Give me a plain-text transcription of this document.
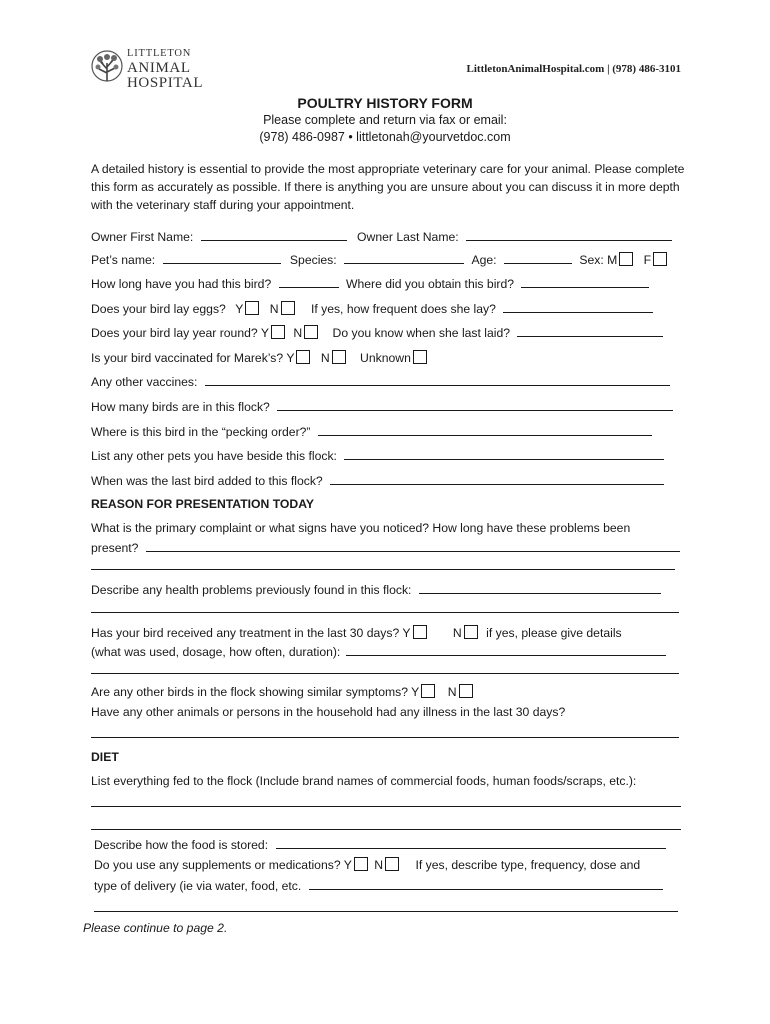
LITTLETON
ANIMAL
HOSPITAL
LittletonAnimalHospital.com | (978) 486-3101
POULTRY HISTORY FORM
Please complete and return via fax or email:
(978) 486-0987 • littletonah@yourvetdoc.com
A detailed history is essential to provide the most appropriate veterinary care for your animal. Please complete this form as accurately as possible. If there is anything you are unsure about you can discuss it in more depth with the veterinary staff during your appointment.
Owner First Name:	Owner Last Name:
Pet’s name:	Species:	Age:	Sex: M F
How long have you had this bird?	Where did you obtain this bird?
Does your bird lay eggs? Y N	If yes, how frequent does she lay?
Does your bird lay year round? Y N Do you know when she last laid?
Is your bird vaccinated for Marek’s? Y N Unknown
Any other vaccines:
How many birds are in this flock?
Where is this bird in the “pecking order?”
List any other pets you have beside this flock:
When was the last bird added to this flock?
REASON FOR PRESENTATION TODAY
What is the primary complaint or what signs have you noticed? How long have these problems been
present?
Describe any health problems previously found in this flock:
Has your bird received any treatment in the last 30 days? Y	N if yes, please give details
(what was used, dosage, how often, duration):
Are any other birds in the flock showing similar symptoms? Y N
Have any other animals or persons in the household had any illness in the last 30 days?
DIET
List everything fed to the flock (Include brand names of commercial foods, human foods/scraps, etc.):
Describe how the food is stored:
Do you use any supplements or medications? Y N	If yes, describe type, frequency, dose and
type of delivery (ie via water, food, etc.
Please continue to page 2.
